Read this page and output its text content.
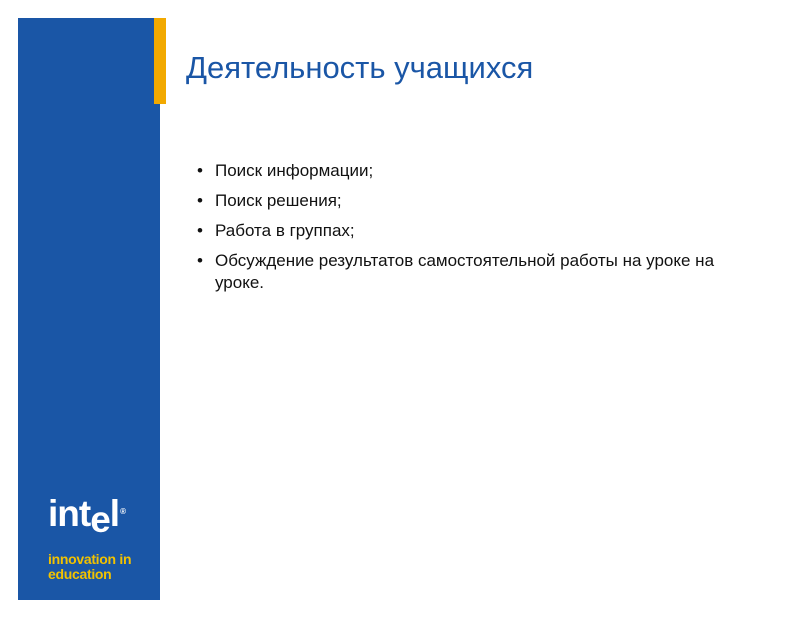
Деятельность учащихся
• Поиск информации;
• Поиск решения;
• Работа в группах;
• Обсуждение результатов самостоятельной работы на уроке на уроке.
intel®
innovation in
education
